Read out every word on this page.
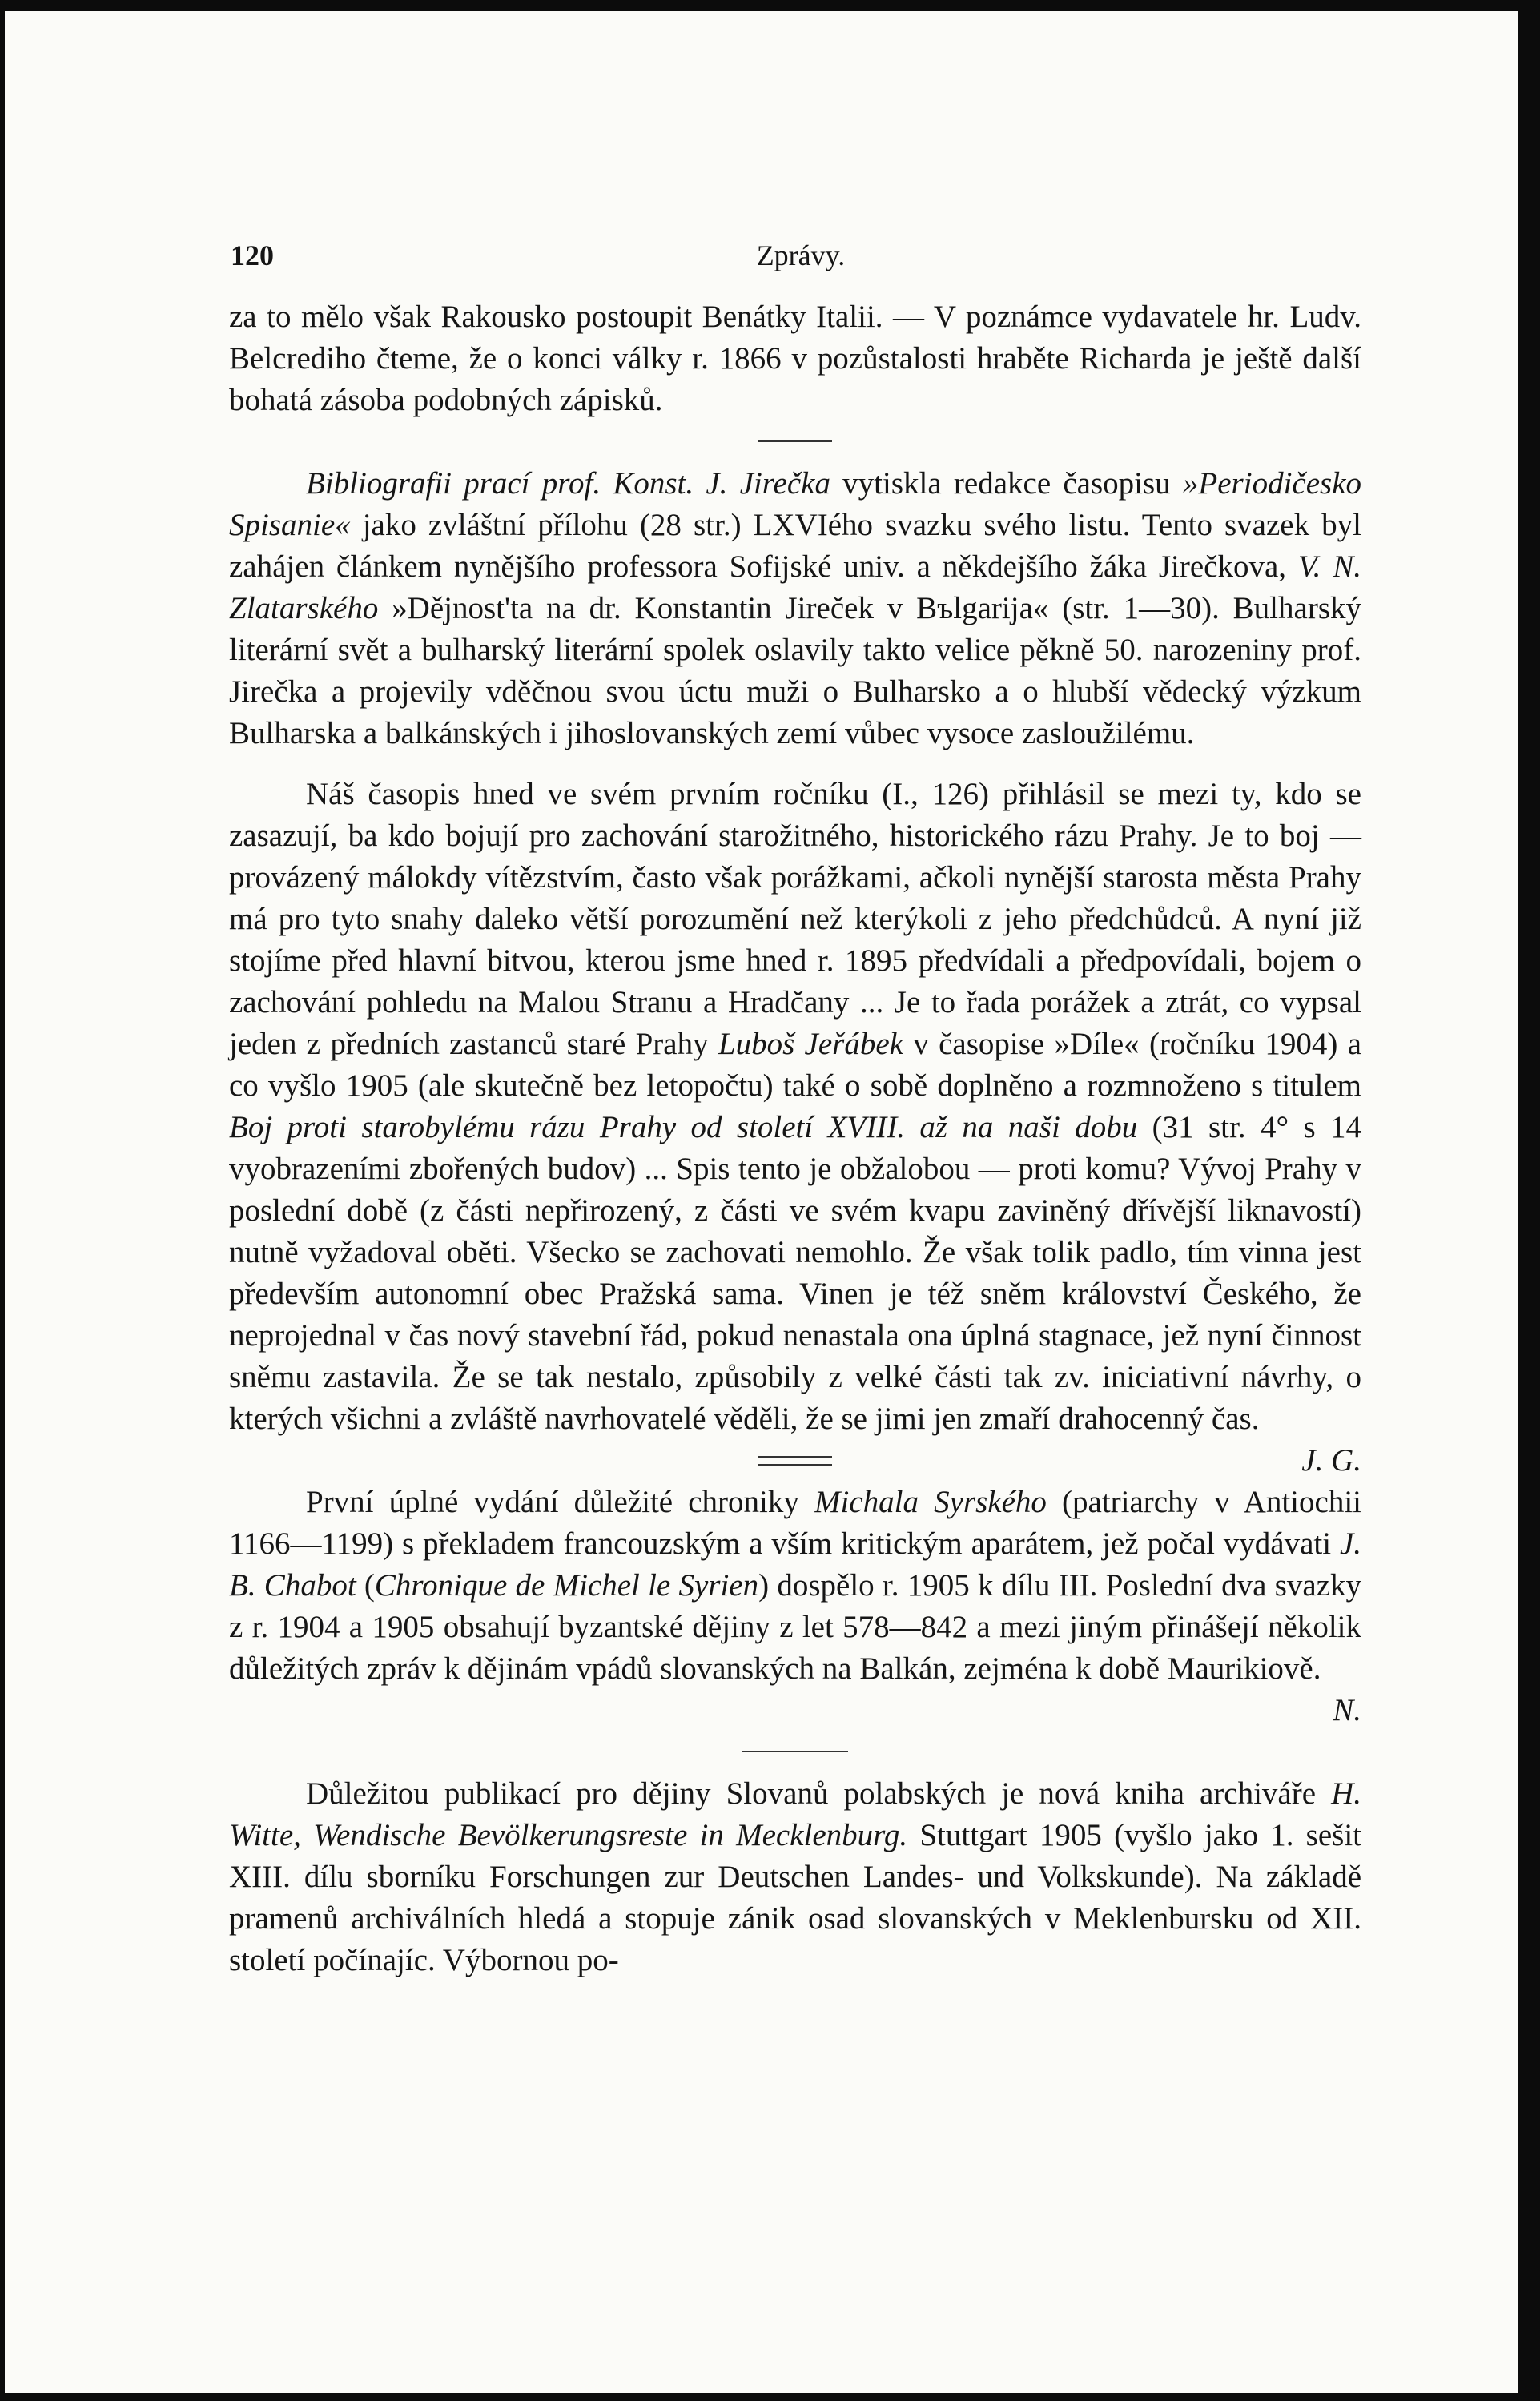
120	Zprávy.

za to mělo však Rakousko postoupit Benátky Italii. — V poznámce vydavatele hr. Ludv. Belcrediho čteme, že o konci války r. 1866 v pozůstalosti hraběte Richarda je ještě další bohatá zásoba podobných zápisků.

Bibliografii prací prof. Konst. J. Jirečka vytiskla redakce časopisu »Periodičesko Spisanie« jako zvláštní přílohu (28 str.) LXVIého svazku svého listu. Tento svazek byl zahájen článkem nynějšího professora Sofijské univ. a někdejšího žáka Jirečkova, V. N. Zlatarského »Dějnost'ta na dr. Konstantin Jireček v Bъlgarija« (str. 1—30). Bulharský literární svět a bulharský literární spolek oslavily takto velice pěkně 50. narozeniny prof. Jirečka a projevily vděčnou svou úctu muži o Bulharsko a o hlubší vědecký výzkum Bulharska a balkánských i jihoslovanských zemí vůbec vysoce zasloužilému.

Náš časopis hned ve svém prvním ročníku (I., 126) přihlásil se mezi ty, kdo se zasazují, ba kdo bojují pro zachování starožitného, historického rázu Prahy. Je to boj — provázený málokdy vítězstvím, často však porážkami, ačkoli nynější starosta města Prahy má pro tyto snahy daleko větší porozumění než kterýkoli z jeho předchůdců. A nyní již stojíme před hlavní bitvou, kterou jsme hned r. 1895 předvídali a předpovídali, bojem o zachování pohledu na Malou Stranu a Hradčany ... Je to řada porážek a ztrát, co vypsal jeden z předních zastanců staré Prahy Luboš Jeřábek v časopise »Díle« (ročníku 1904) a co vyšlo 1905 (ale skutečně bez letopočtu) také o sobě doplněno a rozmnoženo s titulem Boj proti starobylému rázu Prahy od století XVIII. až na naši dobu (31 str. 4° s 14 vyobrazeními zbořených budov) ... Spis tento je obžalobou — proti komu? Vývoj Prahy v poslední době (z části nepřirozený, z části ve svém kvapu zaviněný dřívější liknavostí) nutně vyžadoval oběti. Všecko se zachovati nemohlo. Že však tolik padlo, tím vinna jest především autonomní obec Pražská sama. Vinen je též sněm království Českého, že neprojednal v čas nový stavební řád, pokud nenastala ona úplná stagnace, jež nyní činnost sněmu zastavila. Že se tak nestalo, způsobily z velké části tak zv. iniciativní návrhy, o kterých všichni a zvláště navrhovatelé věděli, že se jimi jen zmaří drahocenný čas.
J. G.

První úplné vydání důležité chroniky Michala Syrského (patriarchy v Antiochii 1166—1199) s překladem francouzským a vším kritickým aparátem, jež počal vydávati J. B. Chabot (Chronique de Michel le Syrien) dospělo r. 1905 k dílu III. Poslední dva svazky z r. 1904 a 1905 obsahují byzantské dějiny z let 578—842 a mezi jiným přinášejí několik důležitých zpráv k dějinám vpádů slovanských na Balkán, zejména k době Maurikiově.

N.

Důležitou publikací pro dějiny Slovanů polabských je nová kniha archiváře H. Witte, Wendische Bevölkerungsreste in Mecklenburg. Stuttgart 1905 (vyšlo jako 1. sešit XIII. dílu sborníku Forschungen zur Deutschen Landes- und Volkskunde). Na základě pramenů archiválních hledá a stopuje zánik osad slovanských v Meklenbursku od XII. století počínajíc. Výbornou po-
